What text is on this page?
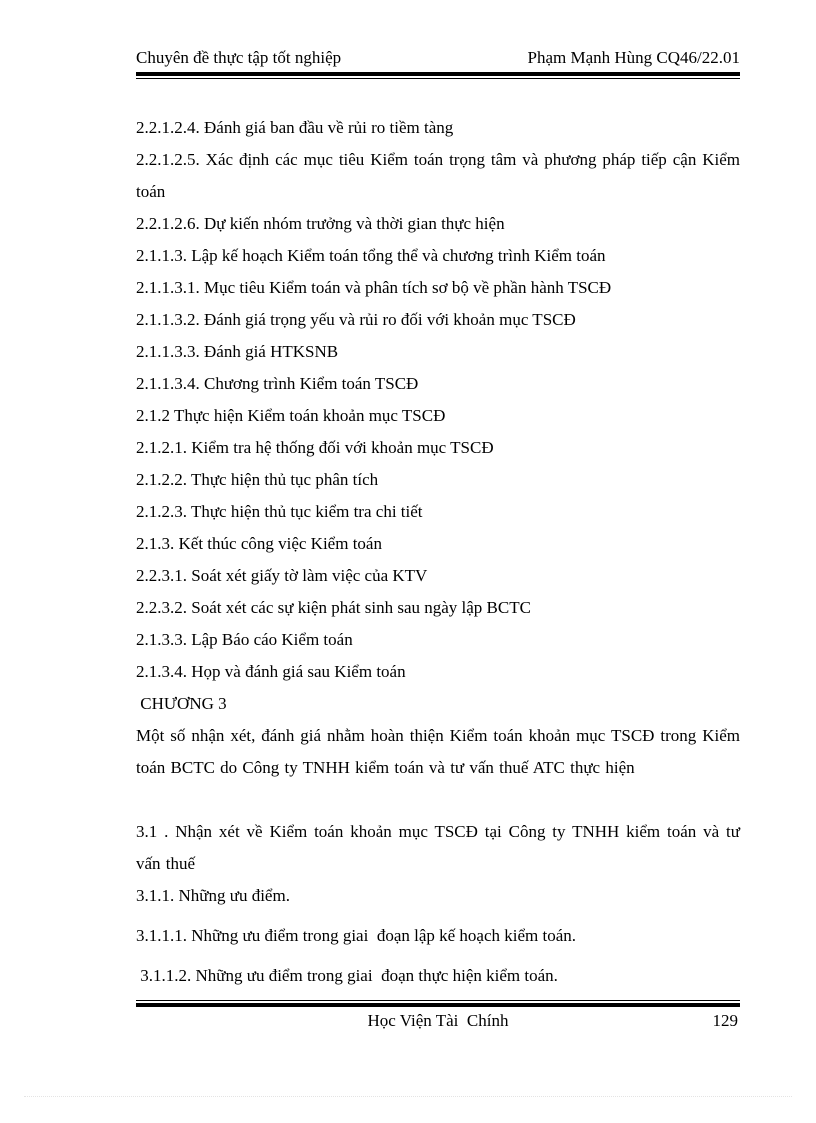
Chuyên đề thực tập tốt nghiệp	Phạm Mạnh Hùng CQ46/22.01

2.2.1.2.4. Đánh giá ban đầu về rủi ro tiềm tàng

2.2.1.2.5. Xác định các mục tiêu Kiểm toán trọng tâm và phương pháp tiếp cận Kiểm toán

2.2.1.2.6. Dự kiến nhóm trưởng và thời gian thực hiện

2.1.1.3. Lập kế hoạch Kiểm toán tổng thể và chương trình Kiểm toán

2.1.1.3.1. Mục tiêu Kiểm toán và phân tích sơ bộ về phần hành TSCĐ

2.1.1.3.2. Đánh giá trọng yếu và rủi ro đối với khoản mục TSCĐ

2.1.1.3.3. Đánh giá HTKSNB

2.1.1.3.4. Chương trình Kiểm toán TSCĐ

2.1.2 Thực hiện Kiểm toán khoản mục TSCĐ

2.1.2.1. Kiểm tra hệ thống đối với khoản mục TSCĐ

2.1.2.2. Thực hiện thủ tục phân tích

2.1.2.3. Thực hiện thủ tục kiểm tra chi tiết

2.1.3. Kết thúc công việc Kiểm toán

2.2.3.1. Soát xét giấy tờ làm việc của KTV

2.2.3.2. Soát xét các sự kiện phát sinh sau ngày lập BCTC

2.1.3.3. Lập Báo cáo Kiểm toán

2.1.3.4. Họp và đánh giá sau Kiểm toán

CHƯƠNG 3

Một số nhận xét, đánh giá nhằm hoàn thiện Kiểm toán khoản mục TSCĐ trong Kiểm toán BCTC do Công ty TNHH kiểm toán và tư vấn thuế ATC thực hiện

3.1 . Nhận xét về Kiểm toán khoản mục TSCĐ tại Công ty TNHH kiểm toán và tư vấn thuế

3.1.1. Những ưu điểm.

3.1.1.1. Những ưu điểm trong giai  đoạn lập kế hoạch kiểm toán.

3.1.1.2. Những ưu điểm trong giai  đoạn thực hiện kiểm toán.

Học Viện Tài  Chính	129
